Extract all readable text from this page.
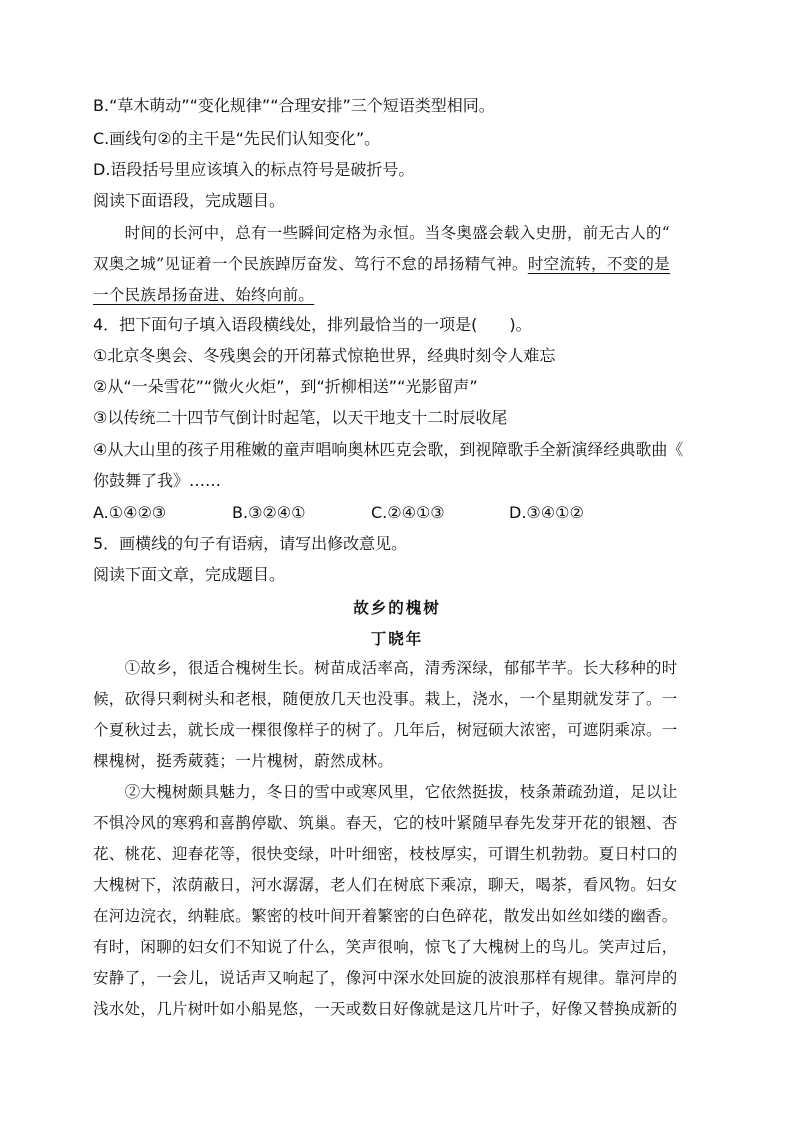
B.“草木萌动”“变化规律”“合理安排”三个短语类型相同。
C.画线句②的主干是“先民们认知变化”。
D.语段括号里应该填入的标点符号是破折号。
阅读下面语段，完成题目。
　　时间的长河中，总有一些瞬间定格为永恒。当冬奥盛会载入史册，前无古人的“
双奥之城”见证着一个民族踔厉奋发、笃行不怠的昂扬精气神。时空流转，不变的是
一个民族昂扬奋进、始终向前。
4．把下面句子填入语段横线处，排列最恰当的一项是(　　)。
①北京冬奥会、冬残奥会的开闭幕式惊艳世界，经典时刻令人难忘
②从“一朵雪花”“微火火炬”，到“折柳相送”“光影留声”
③以传统二十四节气倒计时起笔，以天干地支十二时辰收尾
④从大山里的孩子用稚嫩的童声唱响奥林匹克会歌，到视障歌手全新演绎经典歌曲《
你鼓舞了我》……
A.①④②③	B.③②④①	C.②④①③	D.③④①②
5．画横线的句子有语病，请写出修改意见。
阅读下面文章，完成题目。
故乡的槐树
丁晓年
　　①故乡，很适合槐树生长。树苗成活率高，清秀深绿，郁郁芊芊。长大移种的时
候，砍得只剩树头和老根，随便放几天也没事。栽上，浇水，一个星期就发芽了。一
个夏秋过去，就长成一棵很像样子的树了。几年后，树冠硕大浓密，可遮阴乘凉。一
棵槐树，挺秀葳蕤；一片槐树，蔚然成林。
　　②大槐树颇具魅力，冬日的雪中或寒风里，它依然挺拔，枝条萧疏劲道，足以让
不惧冷风的寒鸦和喜鹊停歇、筑巢。春天，它的枝叶紧随早春先发芽开花的银翘、杏
花、桃花、迎春花等，很快变绿，叶叶细密，枝枝厚实，可谓生机勃勃。夏日村口的
大槐树下，浓荫蔽日，河水潺潺，老人们在树底下乘凉，聊天，喝茶，看风物。妇女
在河边浣衣，纳鞋底。繁密的枝叶间开着繁密的白色碎花，散发出如丝如缕的幽香。
有时，闲聊的妇女们不知说了什么，笑声很响，惊飞了大槐树上的鸟儿。笑声过后，
安静了，一会儿，说话声又响起了，像河中深水处回旋的波浪那样有规律。靠河岸的
浅水处，几片树叶如小船晃悠，一天或数日好像就是这几片叶子，好像又替换成新的
